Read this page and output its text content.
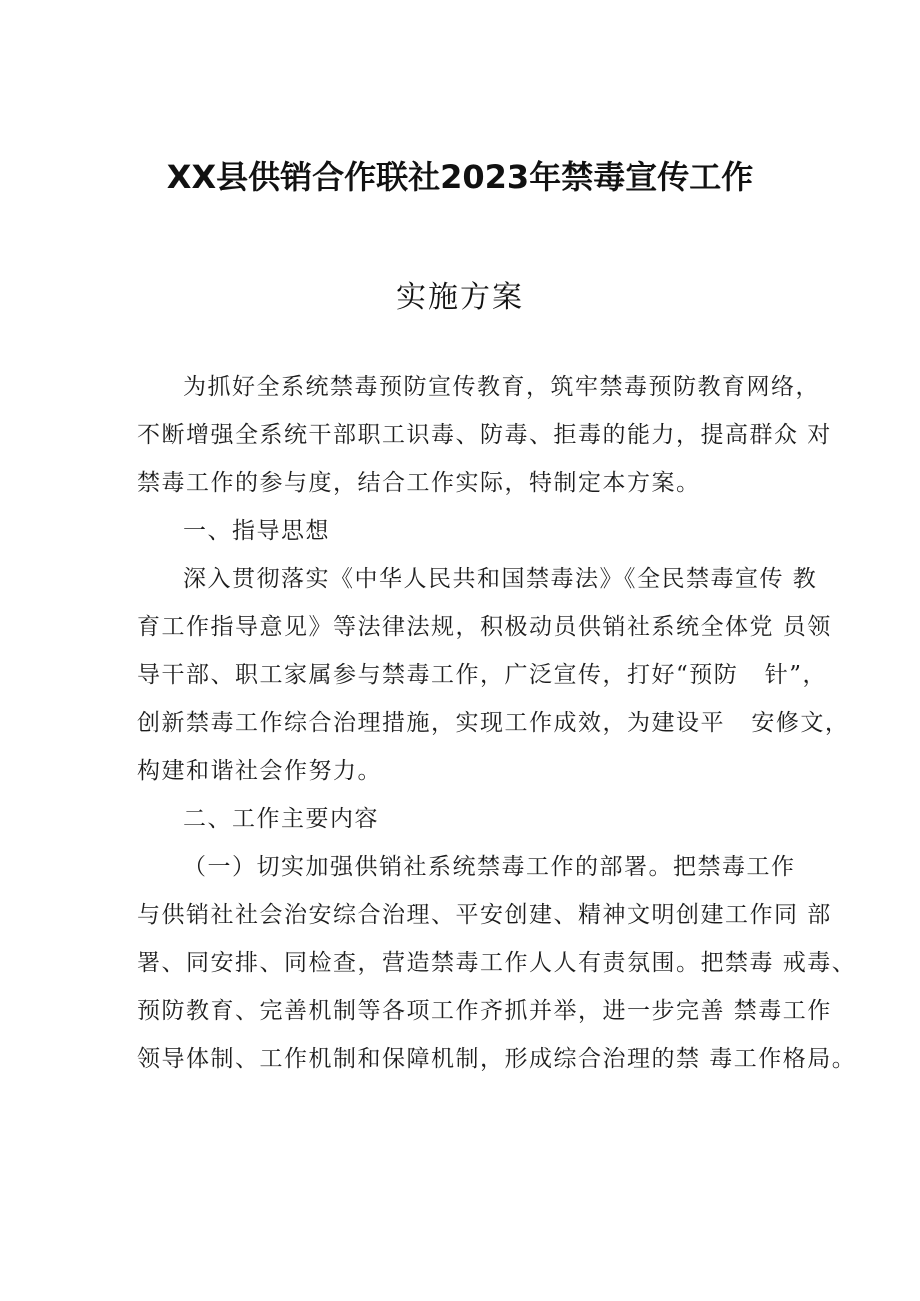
XX县供销合作联社2023年禁毒宣传工作
实施方案
为抓好全系统禁毒预防宣传教育，筑牢禁毒预防教育网络，
不断增强全系统干部职工识毒、防毒、拒毒的能力，提高群众 对
禁毒工作的参与度，结合工作实际，特制定本方案。
一、指导思想
深入贯彻落实《中华人民共和国禁毒法》《全民禁毒宣传 教
育工作指导意见》等法律法规，积极动员供销社系统全体党 员领
导干部、职工家属参与禁毒工作，广泛宣传，打好“预防   针”，
创新禁毒工作综合治理措施，实现工作成效，为建设平   安修文，
构建和谐社会作努力。
二、工作主要内容
（一）切实加强供销社系统禁毒工作的部署。把禁毒工作
与供销社社会治安综合治理、平安创建、精神文明创建工作同 部
署、同安排、同检查，营造禁毒工作人人有责氛围。把禁毒 戒毒、
预防教育、完善机制等各项工作齐抓并举，进一步完善 禁毒工作
领导体制、工作机制和保障机制，形成综合治理的禁 毒工作格局。
